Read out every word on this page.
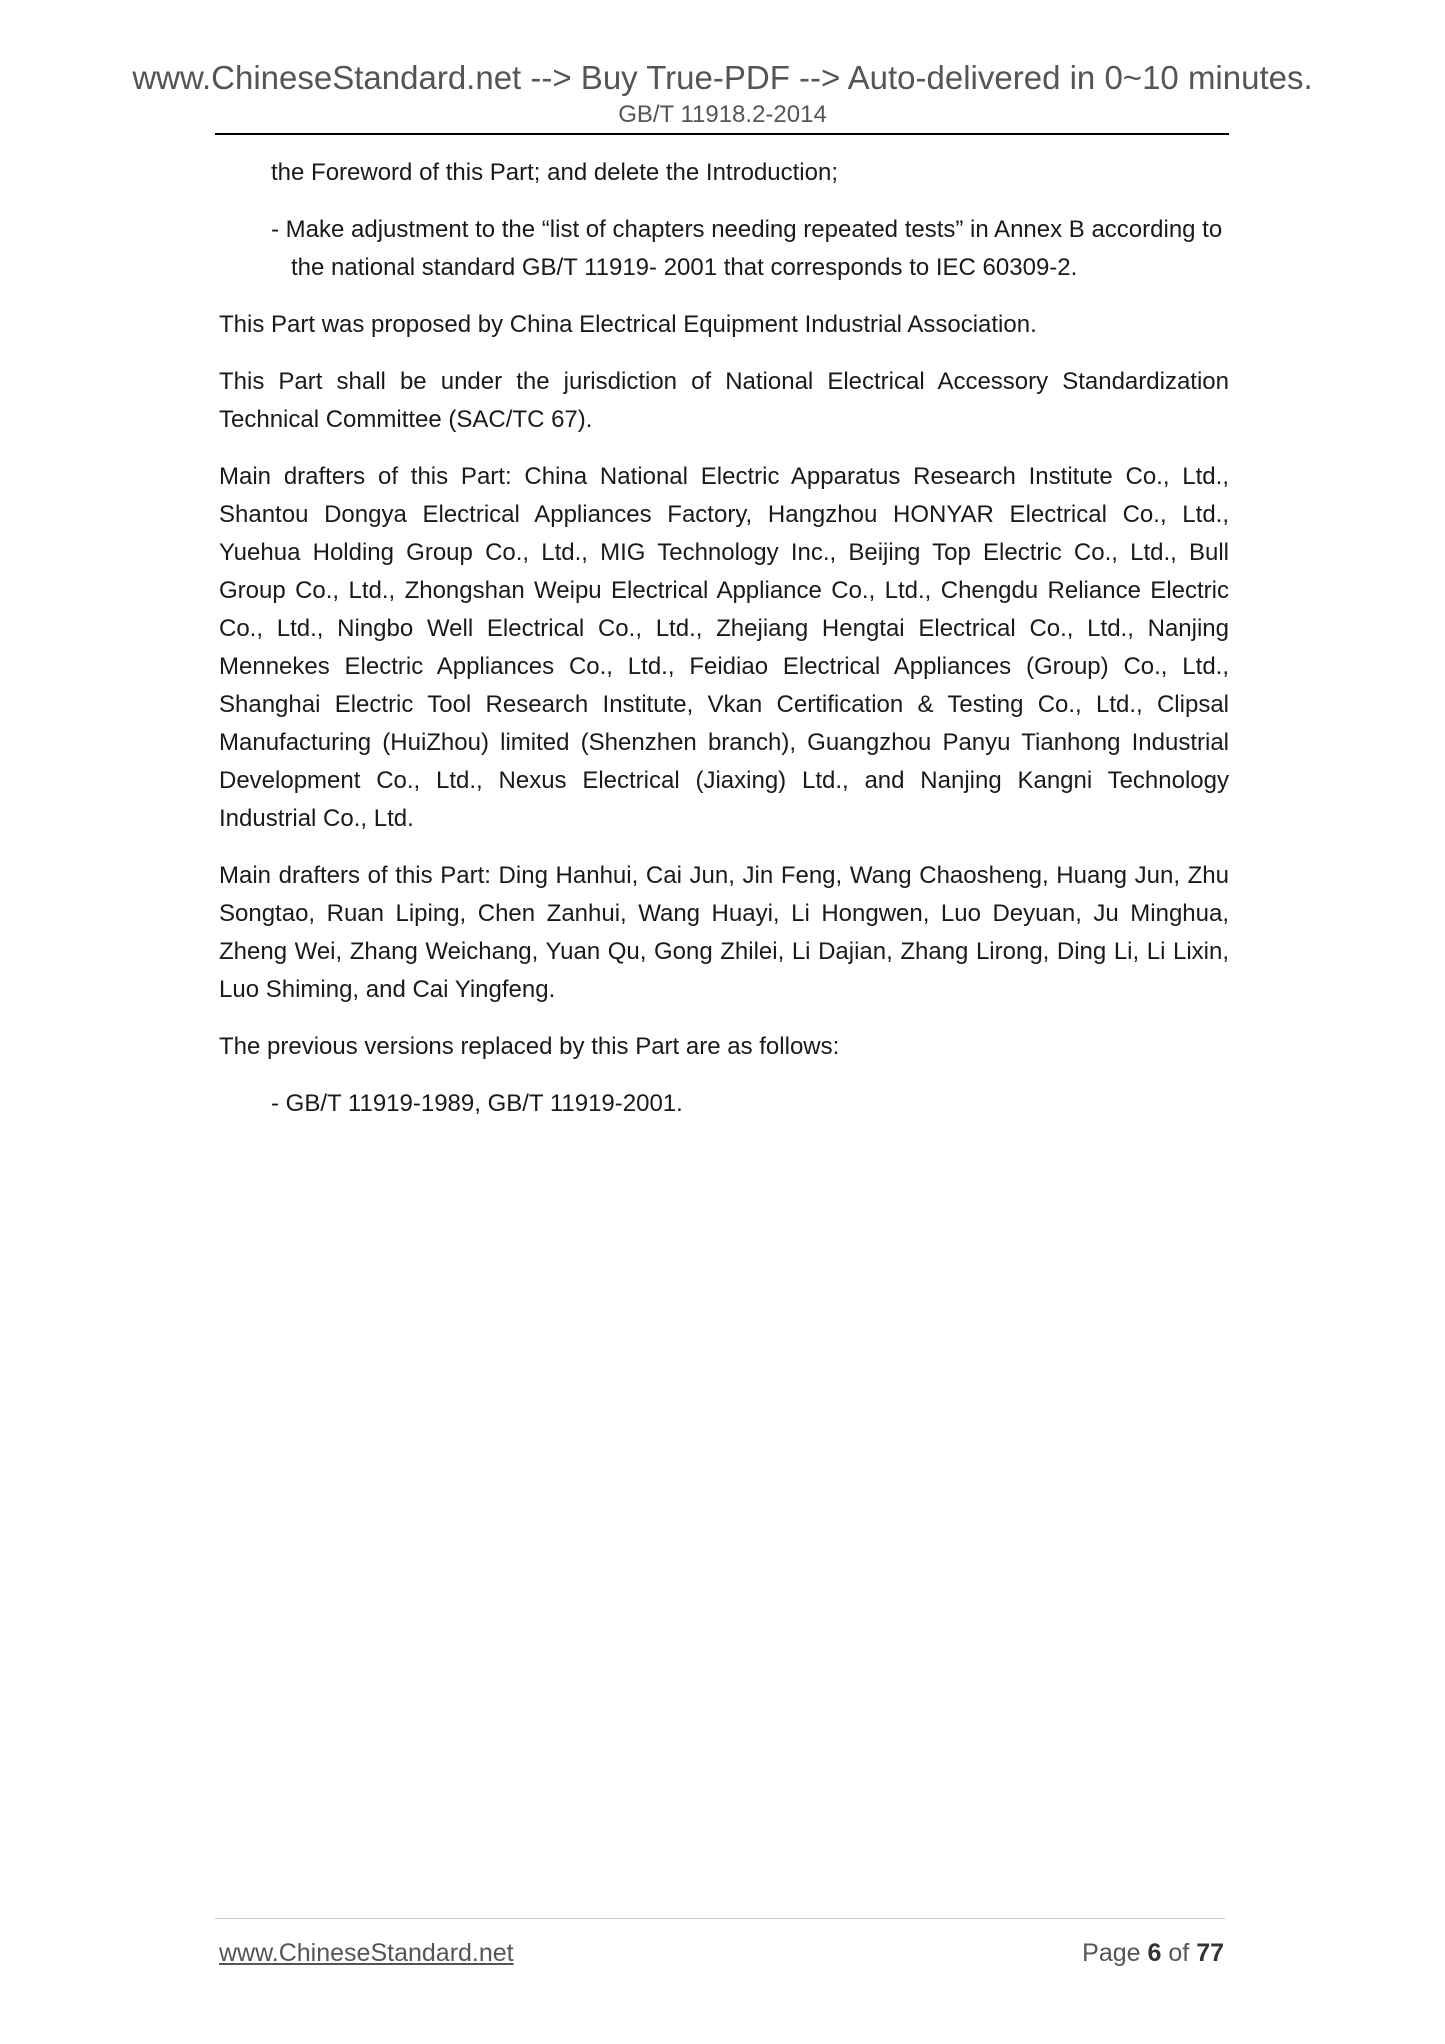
www.ChineseStandard.net --> Buy True-PDF --> Auto-delivered in 0~10 minutes.
GB/T 11918.2-2014

the Foreword of this Part; and delete the Introduction;

- Make adjustment to the “list of chapters needing repeated tests” in Annex B according to the national standard GB/T 11919- 2001 that corresponds to IEC 60309-2.

This Part was proposed by China Electrical Equipment Industrial Association.

This Part shall be under the jurisdiction of National Electrical Accessory Standardization Technical Committee (SAC/TC 67).

Main drafters of this Part: China National Electric Apparatus Research Institute Co., Ltd., Shantou Dongya Electrical Appliances Factory, Hangzhou HONYAR Electrical Co., Ltd., Yuehua Holding Group Co., Ltd., MIG Technology Inc., Beijing Top Electric Co., Ltd., Bull Group Co., Ltd., Zhongshan Weipu Electrical Appliance Co., Ltd., Chengdu Reliance Electric Co., Ltd., Ningbo Well Electrical Co., Ltd., Zhejiang Hengtai Electrical Co., Ltd., Nanjing Mennekes Electric Appliances Co., Ltd., Feidiao Electrical Appliances (Group) Co., Ltd., Shanghai Electric Tool Research Institute, Vkan Certification & Testing Co., Ltd., Clipsal Manufacturing (HuiZhou) limited (Shenzhen branch), Guangzhou Panyu Tianhong Industrial Development Co., Ltd., Nexus Electrical (Jiaxing) Ltd., and Nanjing Kangni Technology Industrial Co., Ltd.

Main drafters of this Part: Ding Hanhui, Cai Jun, Jin Feng, Wang Chaosheng, Huang Jun, Zhu Songtao, Ruan Liping, Chen Zanhui, Wang Huayi, Li Hongwen, Luo Deyuan, Ju Minghua, Zheng Wei, Zhang Weichang, Yuan Qu, Gong Zhilei, Li Dajian, Zhang Lirong, Ding Li, Li Lixin, Luo Shiming, and Cai Yingfeng.

The previous versions replaced by this Part are as follows:

- GB/T 11919-1989, GB/T 11919-2001.

www.ChineseStandard.net	Page 6 of 77
